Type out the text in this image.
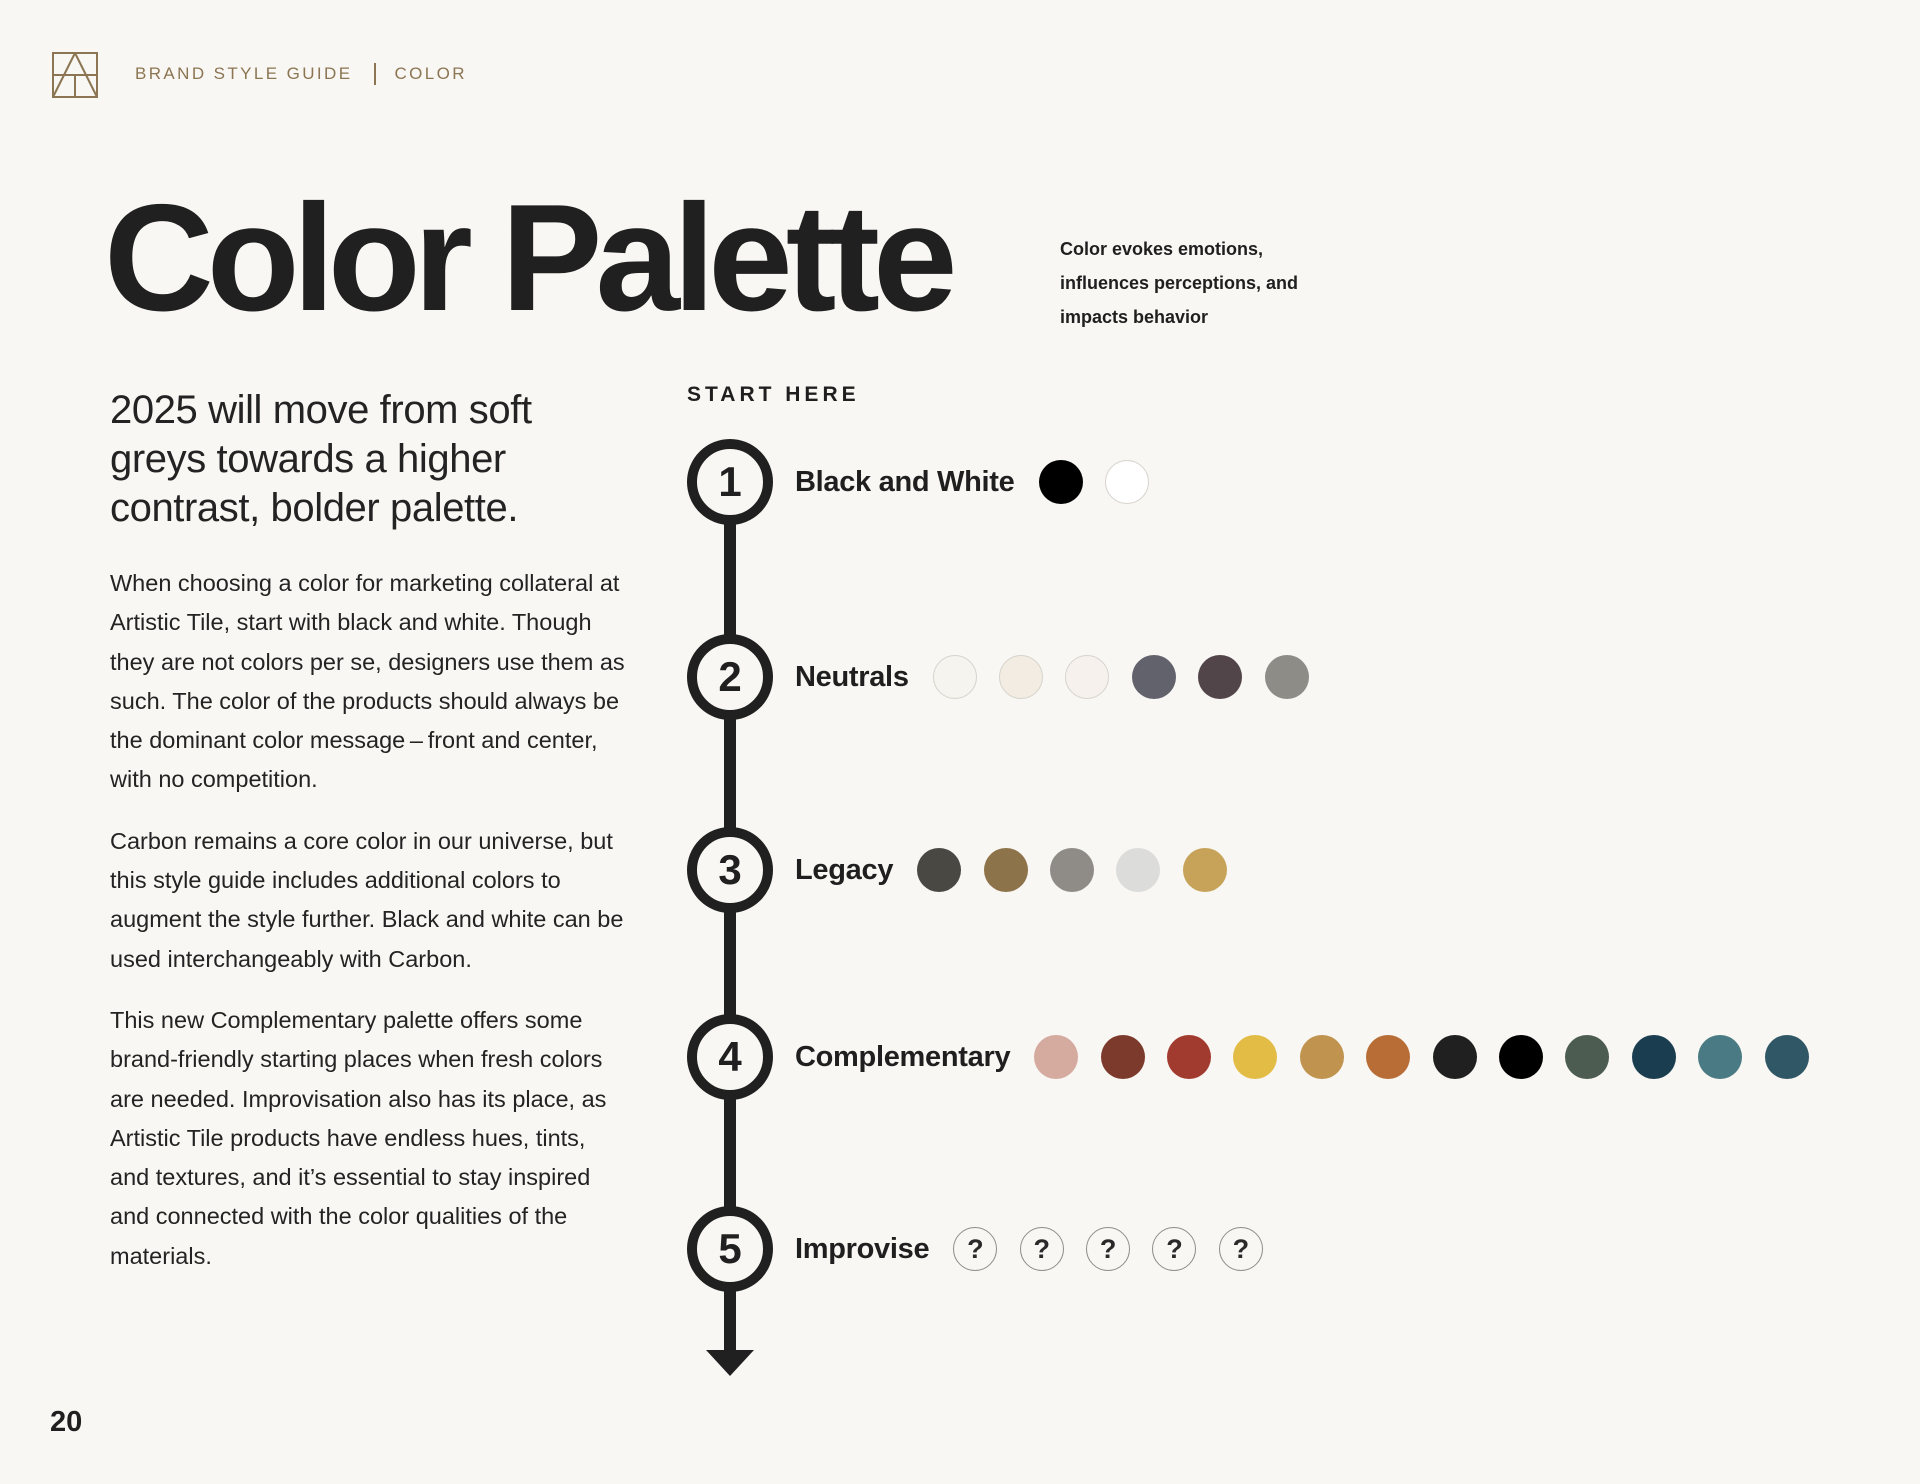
BRAND STYLE GUIDE COLOR
Color Palette	Color evokes emotions, influences perceptions, and impacts behavior
2025 will move from soft greys towards a higher contrast, bolder palette.

When choosing a color for marketing collateral at Artistic Tile, start with black and white. Though they are not colors per se, designers use them as such. The color of the products should always be the dominant color message – front and center, with no competition.

Carbon remains a core color in our universe, but this style guide includes additional colors to augment the style further. Black and white can be used interchangeably with Carbon.

This new Complementary palette offers some brand-friendly starting places when fresh colors are needed. Improvisation also has its place, as Artistic Tile products have endless hues, tints, and textures, and it’s essential to stay inspired and connected with the color qualities of the materials.

START HERE
1	Black and White
2	Neutrals
3	Legacy
4	Complementary
5	Improvise	?	?	?	?	?
20
